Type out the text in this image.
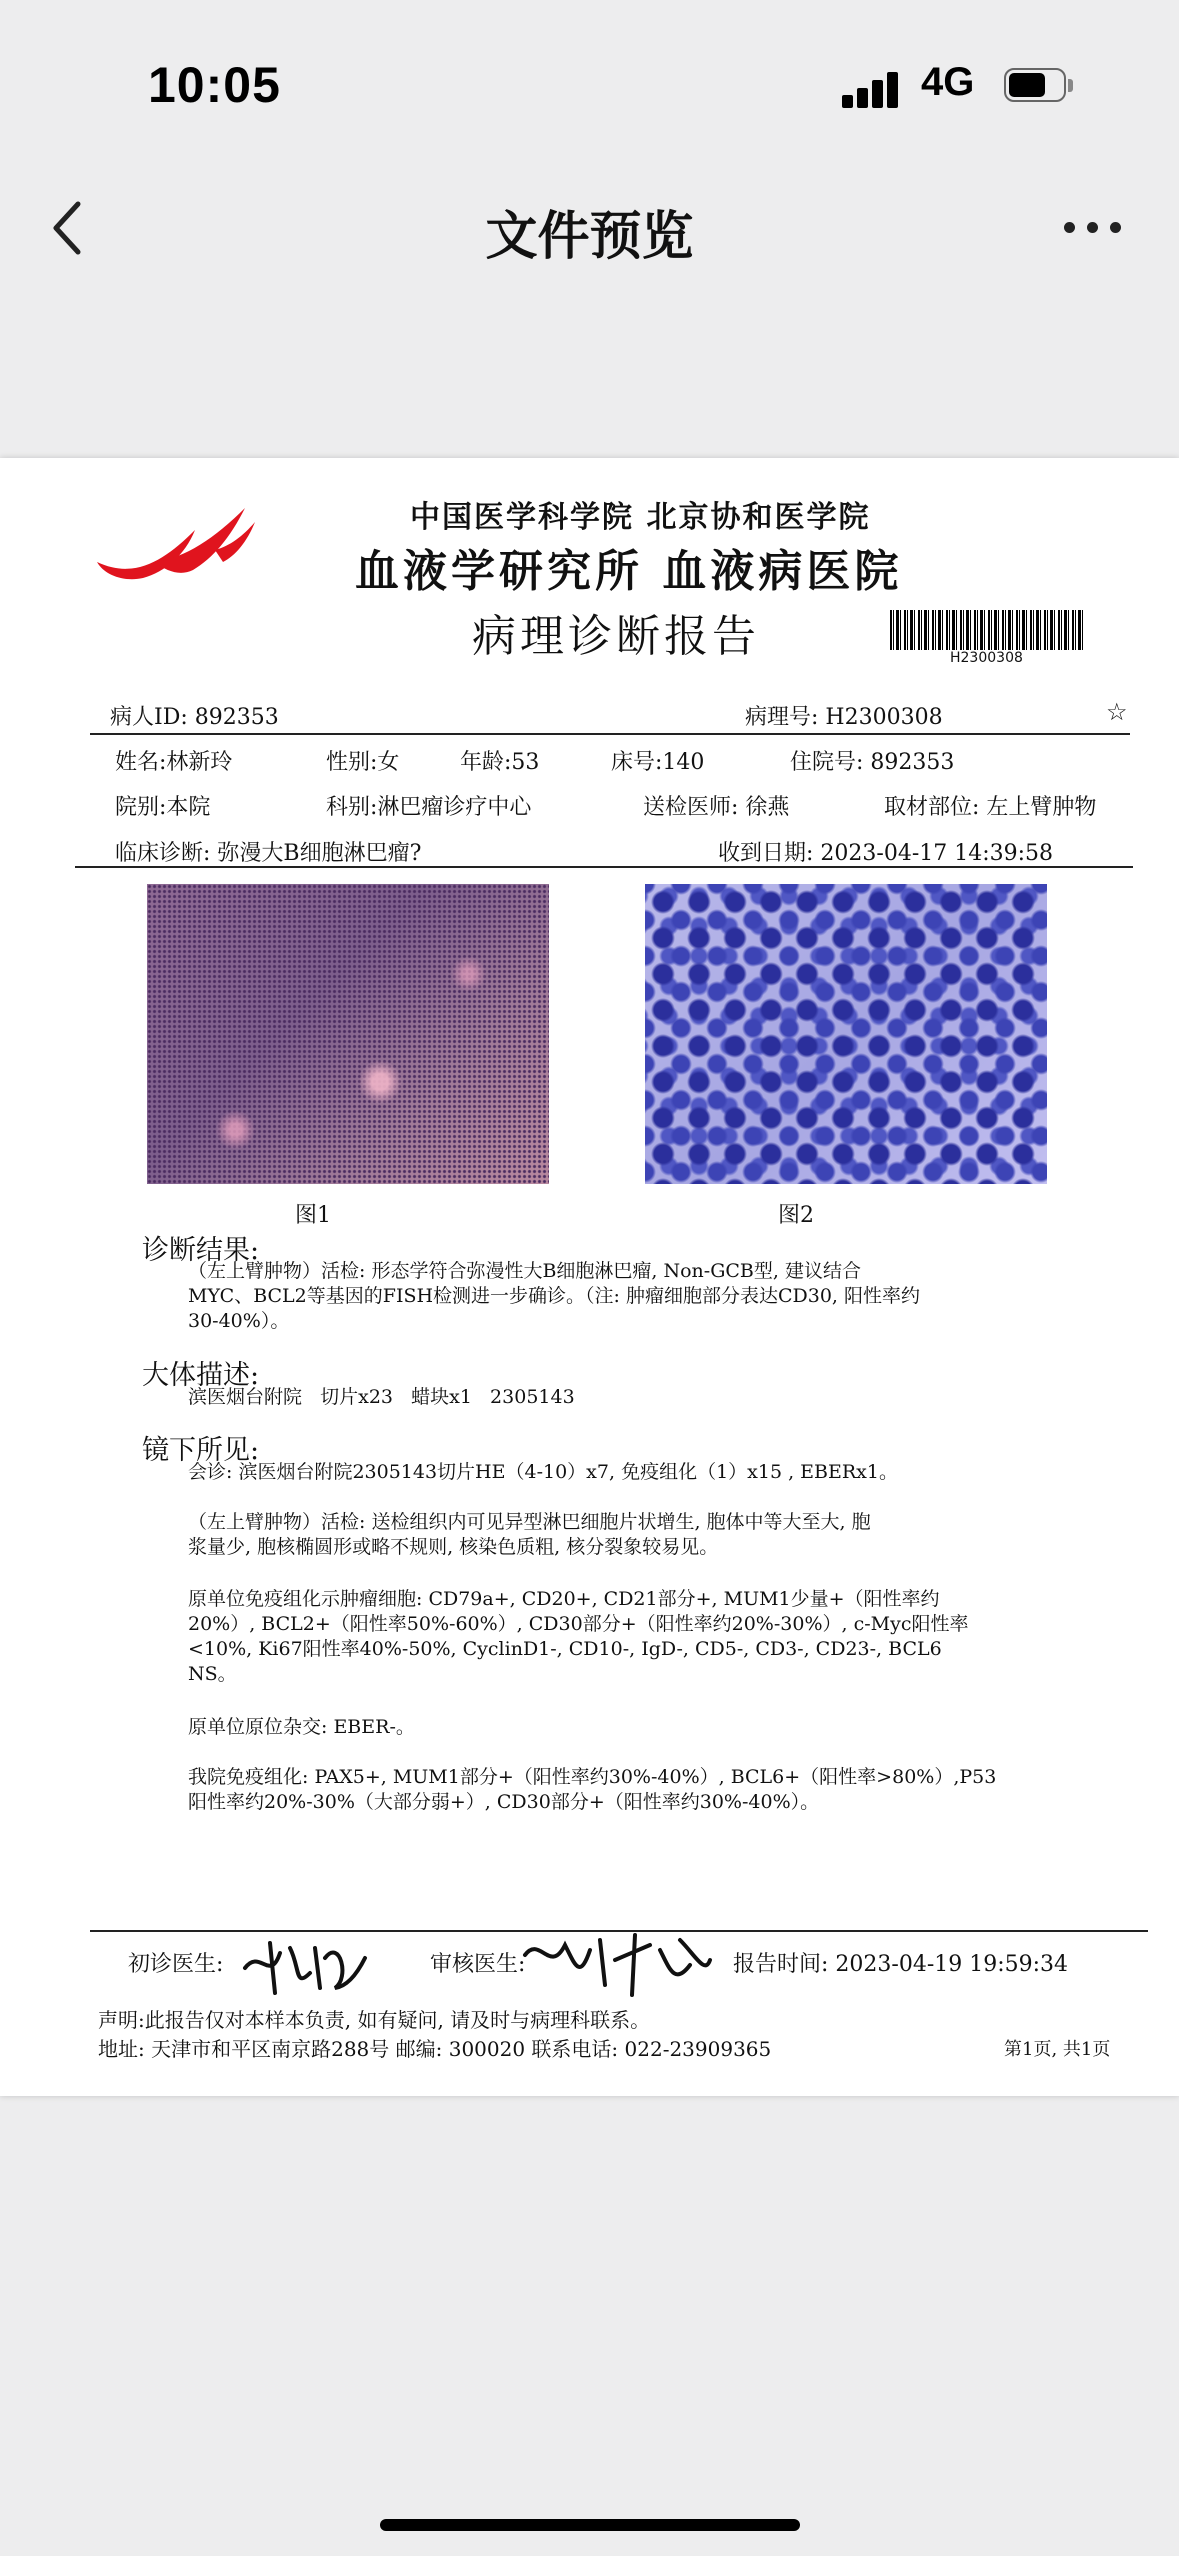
10:05	4G
文件预览
中国医学科学院 北京协和医学院
血液学研究所 血液病医院
病理诊断报告	H2300308
病人ID: 892353	病理号: H2300308	☆
姓名:林新玲	性别:女	年龄:53	床号:140	住院号: 892353
院别:本院	科别:淋巴瘤诊疗中心	送检医师: 徐燕	取材部位: 左上臂肿物
临床诊断: 弥漫大B细胞淋巴瘤?	收到日期: 2023-04-17 14:39:58
图1	图2
诊断结果:
（左上臂肿物）活检: 形态学符合弥漫性大B细胞淋巴瘤, Non-GCB型, 建议结合
MYC、BCL2等基因的FISH检测进一步确诊。（注: 肿瘤细胞部分表达CD30, 阳性率约
30-40%）。
大体描述:
滨医烟台附院   切片x23   蜡块x1   2305143
镜下所见:
会诊: 滨医烟台附院2305143切片HE（4-10）x7, 免疫组化（1）x15 , EBERx1。
（左上臂肿物）活检: 送检组织内可见异型淋巴细胞片状增生, 胞体中等大至大, 胞
浆量少, 胞核椭圆形或略不规则, 核染色质粗, 核分裂象较易见。
原单位免疫组化示肿瘤细胞: CD79a+, CD20+, CD21部分+, MUM1少量+（阳性率约
20%）, BCL2+（阳性率50%-60%）, CD30部分+（阳性率约20%-30%）, c-Myc阳性率
<10%, Ki67阳性率40%-50%, CyclinD1-, CD10-, IgD-, CD5-, CD3-, CD23-, BCL6
NS。
原单位原位杂交: EBER-。
我院免疫组化: PAX5+, MUM1部分+（阳性率约30%-40%）, BCL6+（阳性率>80%）,P53
阳性率约20%-30%（大部分弱+）, CD30部分+（阳性率约30%-40%）。
初诊医生:	审核医生:	报告时间: 2023-04-19 19:59:34
声明:此报告仅对本样本负责, 如有疑问, 请及时与病理科联系。
地址: 天津市和平区南京路288号 邮编: 300020 联系电话: 022-23909365	第1页, 共1页
